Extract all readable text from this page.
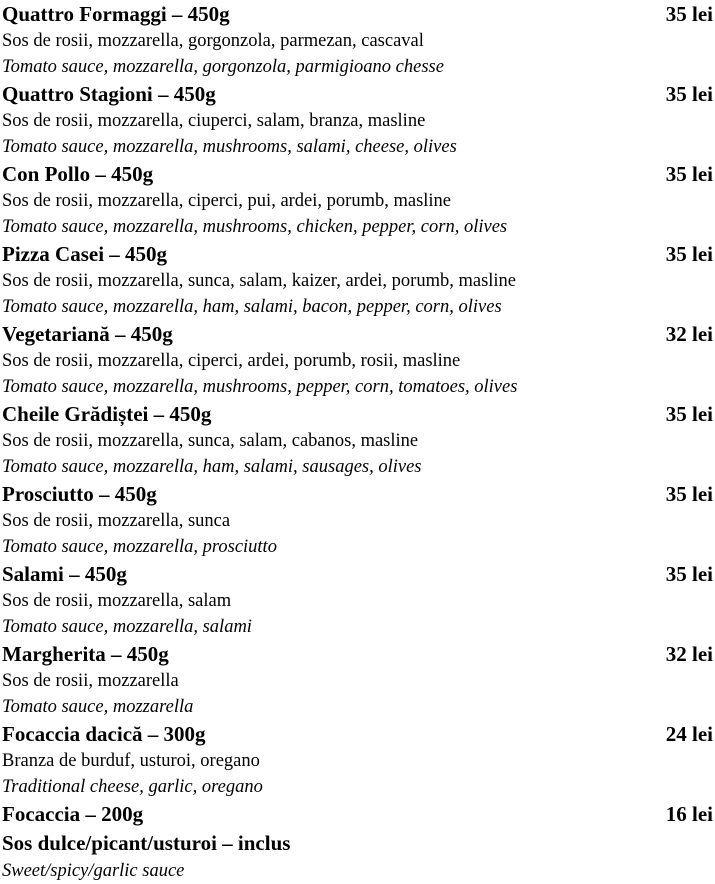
Quattro Formaggi – 450g	35 lei
Sos de rosii, mozzarella, gorgonzola, parmezan, cascaval
Tomato sauce, mozzarella, gorgonzola, parmigioano chesse
Quattro Stagioni – 450g	35 lei
Sos de rosii, mozzarella, ciuperci, salam, branza, masline
Tomato sauce, mozzarella, mushrooms, salami, cheese, olives
Con Pollo – 450g	35 lei
Sos de rosii, mozzarella, ciperci, pui, ardei, porumb, masline
Tomato sauce, mozzarella, mushrooms, chicken, pepper, corn, olives
Pizza Casei – 450g	35 lei
Sos de rosii, mozzarella, sunca, salam, kaizer, ardei, porumb, masline
Tomato sauce, mozzarella, ham, salami, bacon, pepper, corn, olives
Vegetariană – 450g	32 lei
Sos de rosii, mozzarella, ciperci, ardei, porumb, rosii, masline
Tomato sauce, mozzarella, mushrooms, pepper, corn, tomatoes, olives
Cheile Grădiștei – 450g	35 lei
Sos de rosii, mozzarella, sunca, salam, cabanos, masline
Tomato sauce, mozzarella, ham, salami, sausages, olives
Prosciutto – 450g	35 lei
Sos de rosii, mozzarella, sunca
Tomato sauce, mozzarella, prosciutto
Salami – 450g	35 lei
Sos de rosii, mozzarella, salam
Tomato sauce, mozzarella, salami
Margherita – 450g	32 lei
Sos de rosii, mozzarella
Tomato sauce, mozzarella
Focaccia dacică – 300g	24 lei
Branza de burduf, usturoi, oregano
Traditional cheese, garlic, oregano
Focaccia – 200g	16 lei
Sos dulce/picant/usturoi – inclus
Sweet/spicy/garlic sauce
